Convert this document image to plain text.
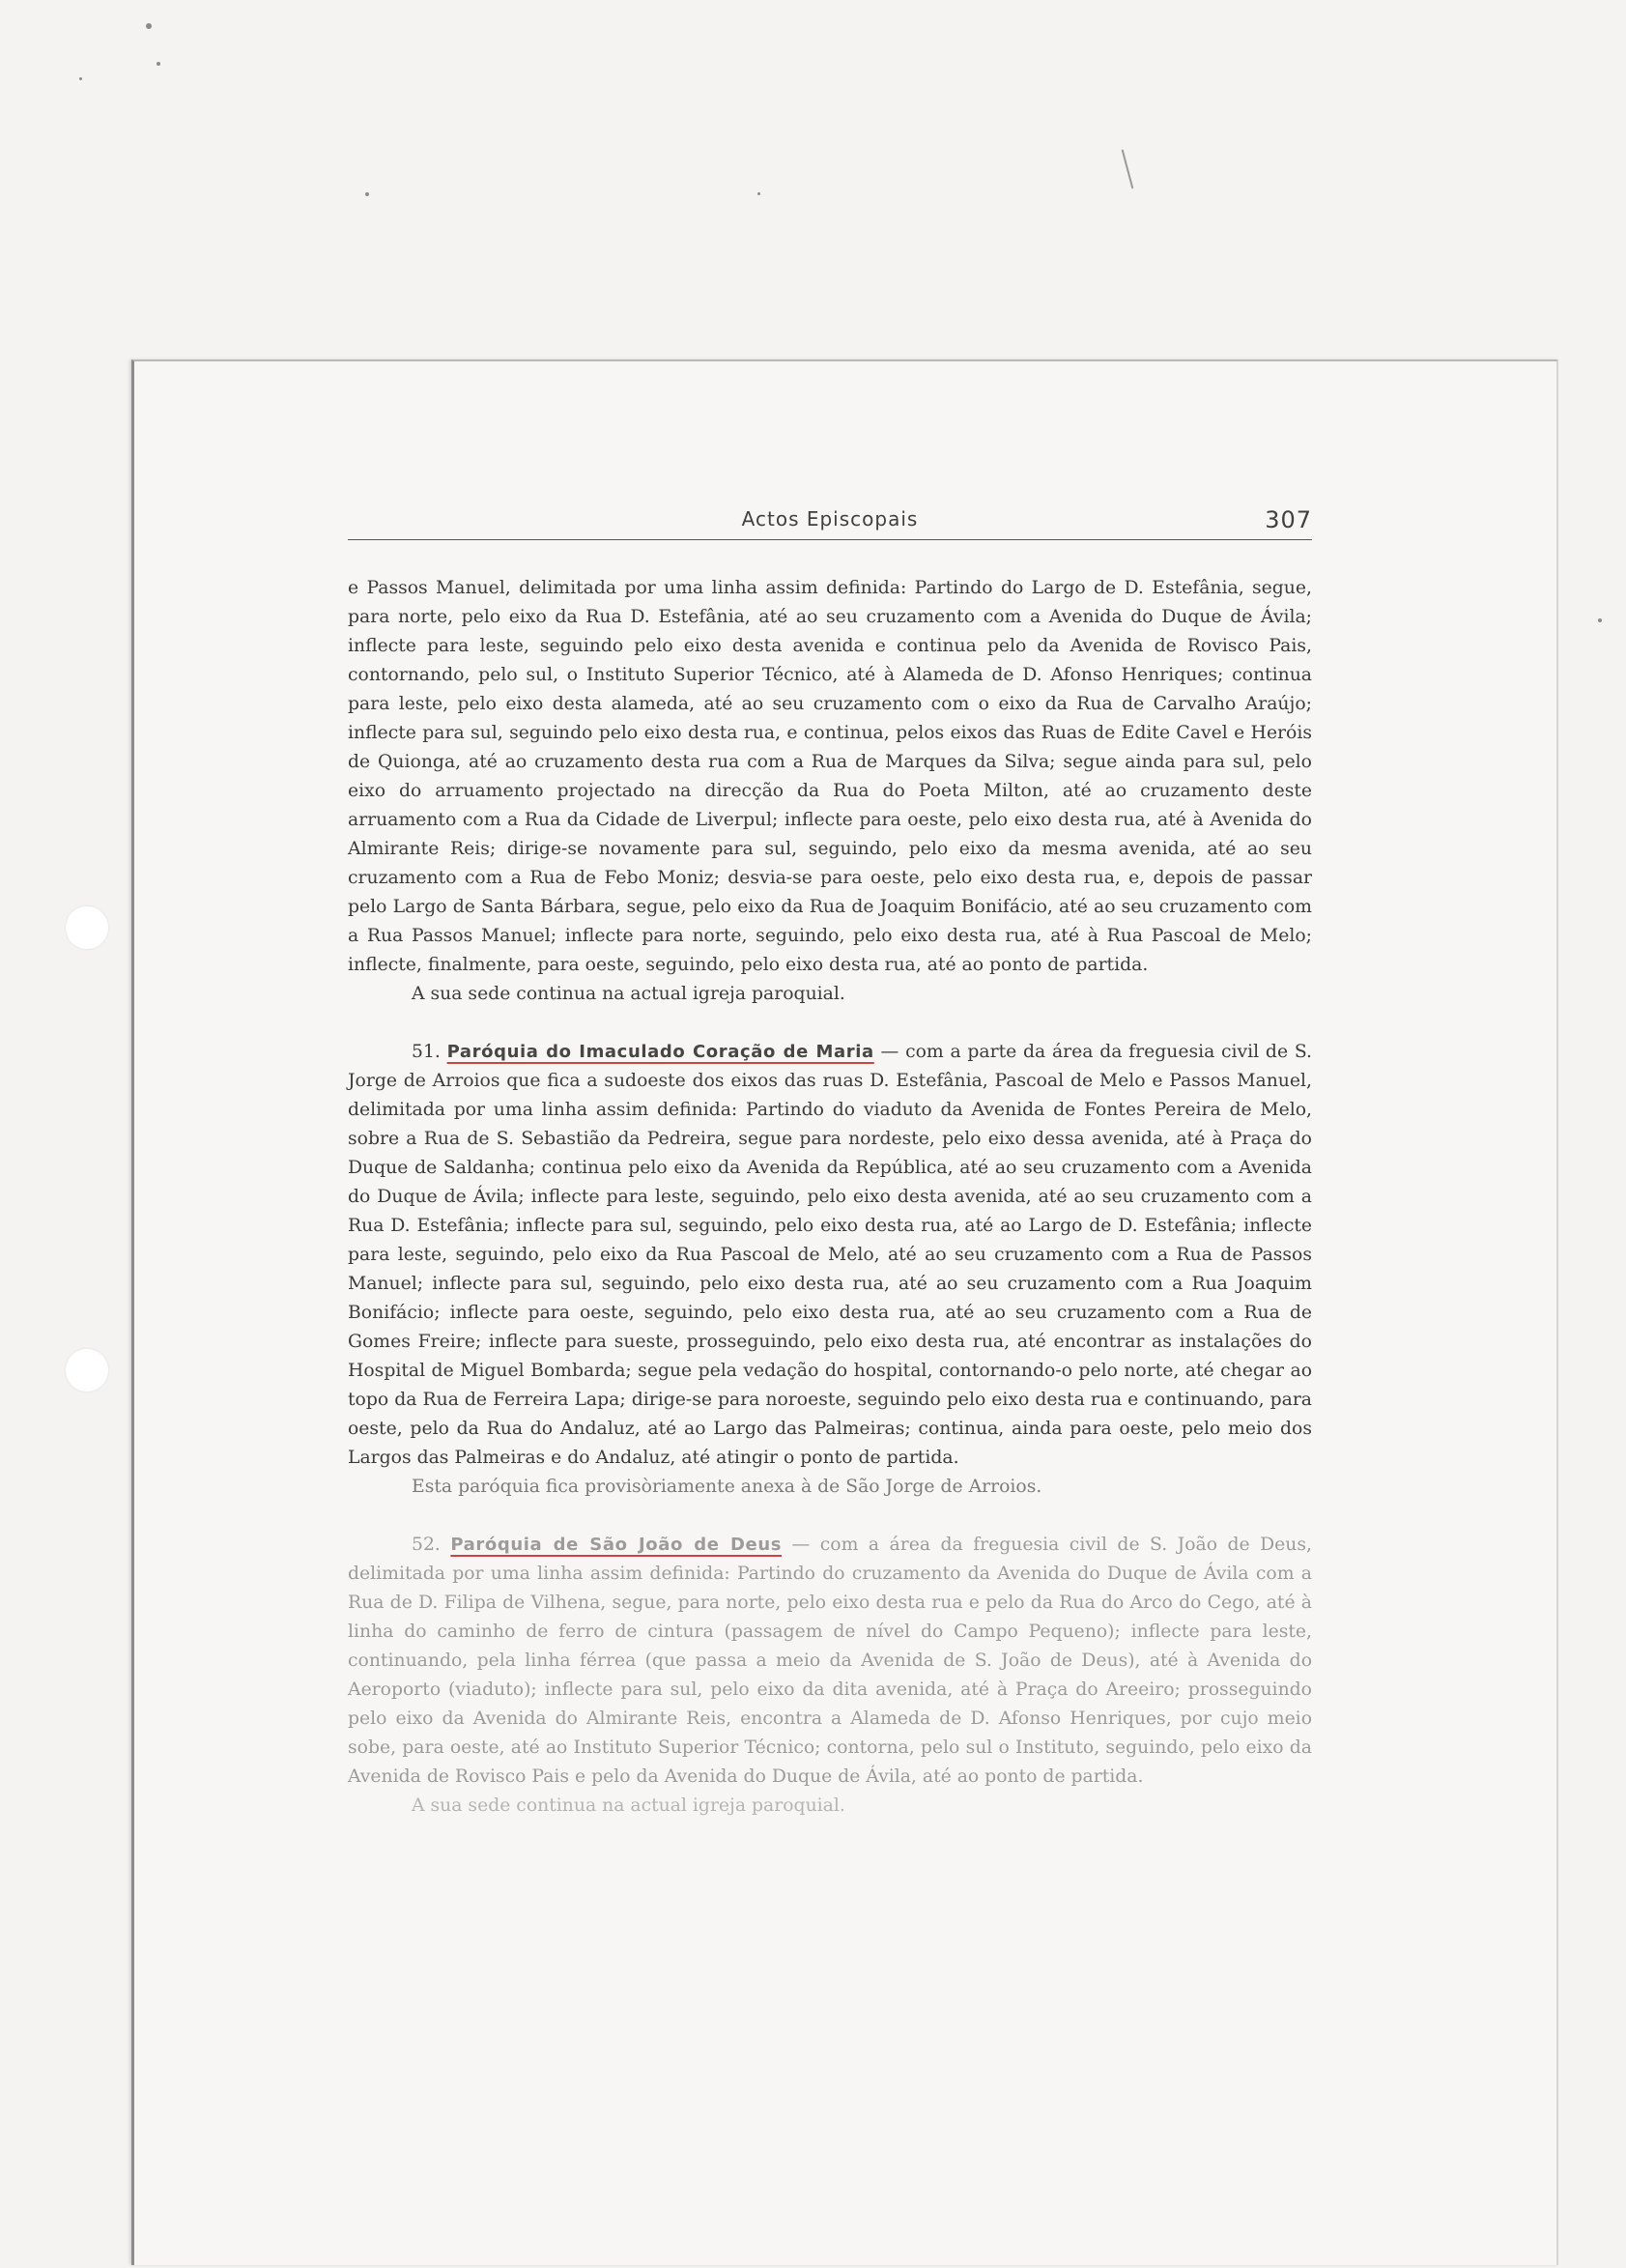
Actos Episcopais	307

e Passos Manuel, delimitada por uma linha assim definida: Partindo do Largo de D. Estefânia, segue, para norte, pelo eixo da Rua D. Estefânia, até ao seu cruzamento com a Avenida do Duque de Ávila; inflecte para leste, seguindo pelo eixo desta avenida e continua pelo da Avenida de Rovisco Pais, contornando, pelo sul, o Instituto Superior Técnico, até à Alameda de D. Afonso Henriques; continua para leste, pelo eixo desta alameda, até ao seu cruzamento com o eixo da Rua de Carvalho Araújo; inflecte para sul, seguindo pelo eixo desta rua, e continua, pelos eixos das Ruas de Edite Cavel e Heróis de Quionga, até ao cruzamento desta rua com a Rua de Marques da Silva; segue ainda para sul, pelo eixo do arruamento projectado na direcção da Rua do Poeta Milton, até ao cruzamento deste arruamento com a Rua da Cidade de Liverpul; inflecte para oeste, pelo eixo desta rua, até à Avenida do Almirante Reis; dirige-se novamente para sul, seguindo, pelo eixo da mesma avenida, até ao seu cruzamento com a Rua de Febo Moniz; desvia-se para oeste, pelo eixo desta rua, e, depois de passar pelo Largo de Santa Bárbara, segue, pelo eixo da Rua de Joaquim Bonifácio, até ao seu cruzamento com a Rua Passos Manuel; inflecte para norte, seguindo, pelo eixo desta rua, até à Rua Pascoal de Melo; inflecte, finalmente, para oeste, seguindo, pelo eixo desta rua, até ao ponto de partida.

A sua sede continua na actual igreja paroquial.

51. Paróquia do Imaculado Coração de Maria — com a parte da área da freguesia civil de S. Jorge de Arroios que fica a sudoeste dos eixos das ruas D. Estefânia, Pascoal de Melo e Passos Manuel, delimitada por uma linha assim definida: Partindo do viaduto da Avenida de Fontes Pereira de Melo, sobre a Rua de S. Sebastião da Pedreira, segue para nordeste, pelo eixo dessa avenida, até à Praça do Duque de Saldanha; continua pelo eixo da Avenida da República, até ao seu cruzamento com a Avenida do Duque de Ávila; inflecte para leste, seguindo, pelo eixo desta avenida, até ao seu cruzamento com a Rua D. Estefânia; inflecte para sul, seguindo, pelo eixo desta rua, até ao Largo de D. Estefânia; inflecte para leste, seguindo, pelo eixo da Rua Pascoal de Melo, até ao seu cruzamento com a Rua de Passos Manuel; inflecte para sul, seguindo, pelo eixo desta rua, até ao seu cruzamento com a Rua Joaquim Bonifácio; inflecte para oeste, seguindo, pelo eixo desta rua, até ao seu cruzamento com a Rua de Gomes Freire; inflecte para sueste, prosseguindo, pelo eixo desta rua, até encontrar as instalações do Hospital de Miguel Bombarda; segue pela vedação do hospital, contornando-o pelo norte, até chegar ao topo da Rua de Ferreira Lapa; dirige-se para noroeste, seguindo pelo eixo desta rua e continuando, para oeste, pelo da Rua do Andaluz, até ao Largo das Palmeiras; continua, ainda para oeste, pelo meio dos Largos das Palmeiras e do Andaluz, até atingir o ponto de partida.

Esta paróquia fica provisòriamente anexa à de São Jorge de Arroios.

52. Paróquia de São João de Deus — com a área da freguesia civil de S. João de Deus, delimitada por uma linha assim definida: Partindo do cruzamento da Avenida do Duque de Ávila com a Rua de D. Filipa de Vilhena, segue, para norte, pelo eixo desta rua e pelo da Rua do Arco do Cego, até à linha do caminho de ferro de cintura (passagem de nível do Campo Pequeno); inflecte para leste, continuando, pela linha férrea (que passa a meio da Avenida de S. João de Deus), até à Avenida do Aeroporto (viaduto); inflecte para sul, pelo eixo da dita avenida, até à Praça do Areeiro; prosseguindo pelo eixo da Avenida do Almirante Reis, encontra a Alameda de D. Afonso Henriques, por cujo meio sobe, para oeste, até ao Instituto Superior Técnico; contorna, pelo sul o Instituto, seguindo, pelo eixo da Avenida de Rovisco Pais e pelo da Avenida do Duque de Ávila, até ao ponto de partida.

A sua sede continua na actual igreja paroquial.
